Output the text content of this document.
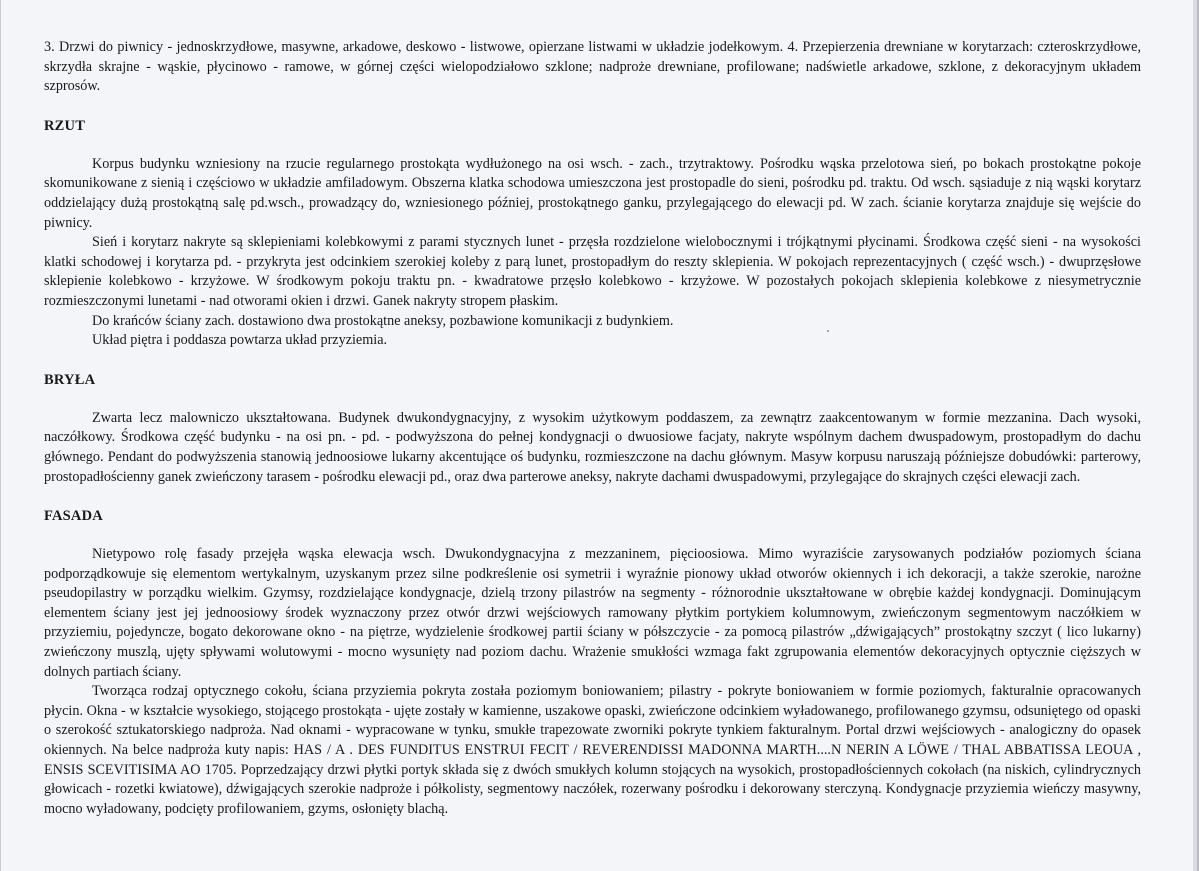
3. Drzwi do piwnicy - jednoskrzydłowe, masywne, arkadowe, deskowo - listwowe, opierzane listwami w układzie jodełkowym. 4. Przepierzenia drewniane w korytarzach: czteroskrzydłowe, skrzydła skrajne - wąskie, płycinowo - ramowe, w górnej części wielopodziałowo szklone; nadproże drewniane, profilowane; nadświetle arkadowe, szklone, z dekoracyjnym układem szprosów.

RZUT

Korpus budynku wzniesiony na rzucie regularnego prostokąta wydłużonego na osi wsch. - zach., trzytraktowy. Pośrodku wąska przelotowa sień, po bokach prostokątne pokoje skomunikowane z sienią i częściowo w układzie amfiladowym. Obszerna klatka schodowa umieszczona jest prostopadle do sieni, pośrodku pd. traktu. Od wsch. sąsiaduje z nią wąski korytarz oddzielający dużą prostokątną salę pd.wsch., prowadzący do, wzniesionego później, prostokątnego ganku, przylegającego do elewacji pd. W zach. ścianie korytarza znajduje się wejście do piwnicy.

Sień i korytarz nakryte są sklepieniami kolebkowymi z parami stycznych lunet - przęsła rozdzielone wielobocznymi i trójkątnymi płycinami. Środkowa część sieni - na wysokości klatki schodowej i korytarza pd. - przykryta jest odcinkiem szerokiej koleby z parą lunet, prostopadłym do reszty sklepienia. W pokojach reprezentacyjnych ( część wsch.) - dwuprzęsłowe sklepienie kolebkowo - krzyżowe. W środkowym pokoju traktu pn. - kwadratowe przęsło kolebkowo - krzyżowe. W pozostałych pokojach sklepienia kolebkowe z niesymetrycznie rozmieszczonymi lunetami - nad otworami okien i drzwi. Ganek nakryty stropem płaskim.

Do krańców ściany zach. dostawiono dwa prostokątne aneksy, pozbawione komunikacji z budynkiem.

Układ piętra i poddasza powtarza układ przyziemia.

BRYŁA

Zwarta lecz malowniczo ukształtowana. Budynek dwukondygnacyjny, z wysokim użytkowym poddaszem, za zewnątrz zaakcentowanym w formie mezzanina. Dach wysoki, naczółkowy. Środkowa część budynku - na osi pn. - pd. - podwyższona do pełnej kondygnacji o dwuosiowe facjaty, nakryte wspólnym dachem dwuspadowym, prostopadłym do dachu głównego. Pendant do podwyższenia stanowią jednoosiowe lukarny akcentujące oś budynku, rozmieszczone na dachu głównym. Masyw korpusu naruszają późniejsze dobudówki: parterowy, prostopadłościenny ganek zwieńczony tarasem - pośrodku elewacji pd., oraz dwa parterowe aneksy, nakryte dachami dwuspadowymi, przylegające do skrajnych części elewacji zach.

FASADA

Nietypowo rolę fasady przejęła wąska elewacja wsch. Dwukondygnacyjna z mezzaninem, pięcioosiowa. Mimo wyraziście zarysowanych podziałów poziomych ściana podporządkowuje się elementom wertykalnym, uzyskanym przez silne podkreślenie osi symetrii i wyraźnie pionowy układ otworów okiennych i ich dekoracji, a także szerokie, narożne pseudopilastry w porządku wielkim. Gzymsy, rozdzielające kondygnacje, dzielą trzony pilastrów na segmenty - różnorodnie ukształtowane w obrębie każdej kondygnacji. Dominującym elementem ściany jest jej jednoosiowy środek wyznaczony przez otwór drzwi wejściowych ramowany płytkim portykiem kolumnowym, zwieńczonym segmentowym naczółkiem w przyziemiu, pojedyncze, bogato dekorowane okno - na piętrze, wydzielenie środkowej partii ściany w półszczycie - za pomocą pilastrów „dźwigających” prostokątny szczyt ( lico lukarny) zwieńczony muszlą, ujęty spływami wolutowymi - mocno wysunięty nad poziom dachu. Wrażenie smukłości wzmaga fakt zgrupowania elementów dekoracyjnych optycznie cięższych w dolnych partiach ściany.

Tworząca rodzaj optycznego cokołu, ściana przyziemia pokryta została poziomym boniowaniem; pilastry - pokryte boniowaniem w formie poziomych, fakturalnie opracowanych płycin. Okna - w kształcie wysokiego, stojącego prostokąta - ujęte zostały w kamienne, uszakowe opaski, zwieńczone odcinkiem wyładowanego, profilowanego gzymsu, odsuniętego od opaski o szerokość sztukatorskiego nadproża. Nad oknami - wypracowane w tynku, smukłe trapezowate zworniki pokryte tynkiem fakturalnym. Portal drzwi wejściowych - analogiczny do opasek okiennych. Na belce nadproża kuty napis: HAS / A . DES FUNDITUS ENSTRUI FECIT / REVERENDISSI MADONNA MARTH....N NERIN A LÖWE / THAL ABBATISSA LEOUA , ENSIS SCEVITISIMA AO 1705. Poprzedzający drzwi płytki portyk składa się z dwóch smukłych kolumn stojących na wysokich, prostopadłościennych cokołach (na niskich, cylindrycznych głowicach - rozetki kwiatowe), dźwigających szerokie nadproże i półkolisty, segmentowy naczółek, rozerwany pośrodku i dekorowany sterczyną. Kondygnacje przyziemia wieńczy masywny, mocno wyładowany, podcięty profilowaniem, gzyms, osłonięty blachą.
